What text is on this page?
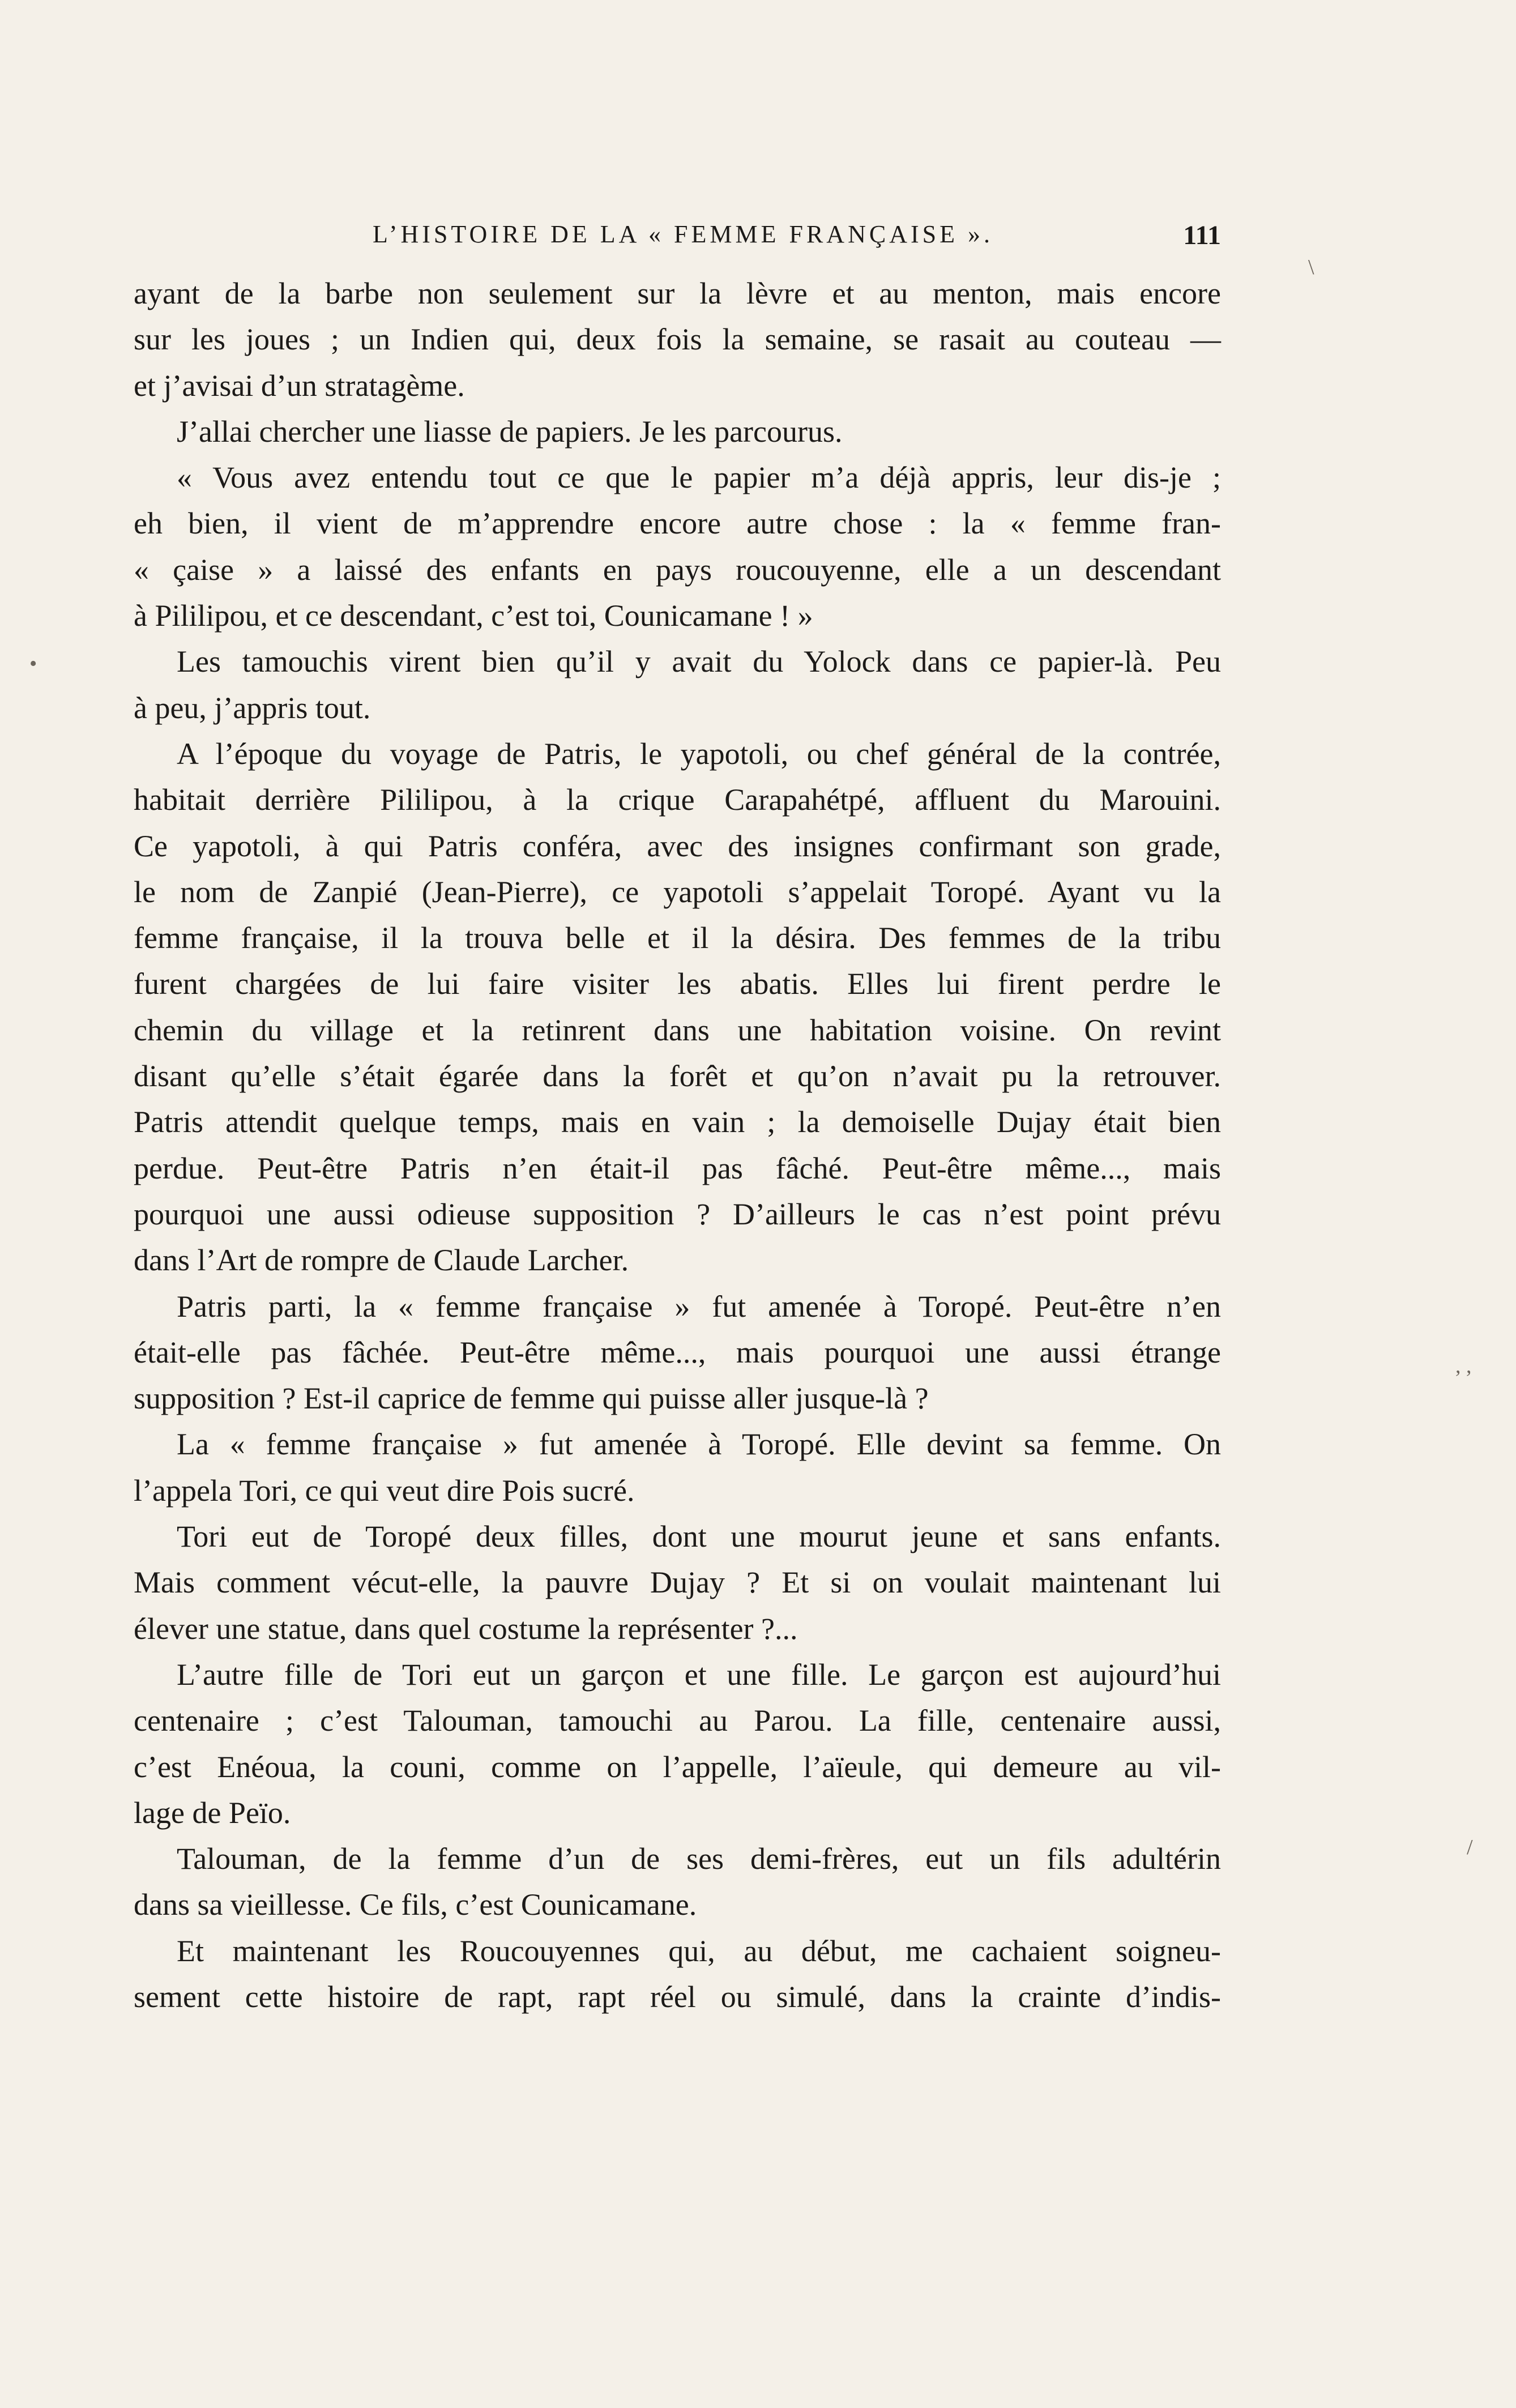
L’HISTOIRE DE LA « FEMME FRANÇAISE ».	111
ayant de la barbe non seulement sur la lèvre et au menton, mais encore
sur les joues ; un Indien qui, deux fois la semaine, se rasait au couteau —
et j’avisai d’un stratagème.
J’allai chercher une liasse de papiers. Je les parcourus.
« Vous avez entendu tout ce que le papier m’a déjà appris, leur dis-je ;
eh bien, il vient de m’apprendre encore autre chose : la « femme fran-
« çaise » a laissé des enfants en pays roucouyenne, elle a un descendant
à Pililipou, et ce descendant, c’est toi, Counicamane ! »
Les tamouchis virent bien qu’il y avait du Yolock dans ce papier-là. Peu
à peu, j’appris tout.
A l’époque du voyage de Patris, le yapotoli, ou chef général de la contrée,
habitait derrière Pililipou, à la crique Carapahétpé, affluent du Marouini.
Ce yapotoli, à qui Patris conféra, avec des insignes confirmant son grade,
le nom de Zanpié (Jean-Pierre), ce yapotoli s’appelait Toropé. Ayant vu la
femme française, il la trouva belle et il la désira. Des femmes de la tribu
furent chargées de lui faire visiter les abatis. Elles lui firent perdre le
chemin du village et la retinrent dans une habitation voisine. On revint
disant qu’elle s’était égarée dans la forêt et qu’on n’avait pu la retrouver.
Patris attendit quelque temps, mais en vain ; la demoiselle Dujay était bien
perdue. Peut-être Patris n’en était-il pas fâché. Peut-être même..., mais
pourquoi une aussi odieuse supposition ? D’ailleurs le cas n’est point prévu
dans l’Art de rompre de Claude Larcher.
Patris parti, la « femme française » fut amenée à Toropé. Peut-être n’en
était-elle pas fâchée. Peut-être même..., mais pourquoi une aussi étrange
supposition ? Est-il caprice de femme qui puisse aller jusque-là ?
La « femme française » fut amenée à Toropé. Elle devint sa femme. On
l’appela Tori, ce qui veut dire Pois sucré.
Tori eut de Toropé deux filles, dont une mourut jeune et sans enfants.
Mais comment vécut-elle, la pauvre Dujay ? Et si on voulait maintenant lui
élever une statue, dans quel costume la représenter ?...
L’autre fille de Tori eut un garçon et une fille. Le garçon est aujourd’hui
centenaire ; c’est Talouman, tamouchi au Parou. La fille, centenaire aussi,
c’est Enéoua, la couni, comme on l’appelle, l’aïeule, qui demeure au vil-
lage de Peïo.
Talouman, de la femme d’un de ses demi-frères, eut un fils adultérin
dans sa vieillesse. Ce fils, c’est Counicamane.
Et maintenant les Roucouyennes qui, au début, me cachaient soigneu-
sement cette histoire de rapt, rapt réel ou simulé, dans la crainte d’indis-
•
\
, ,
/
